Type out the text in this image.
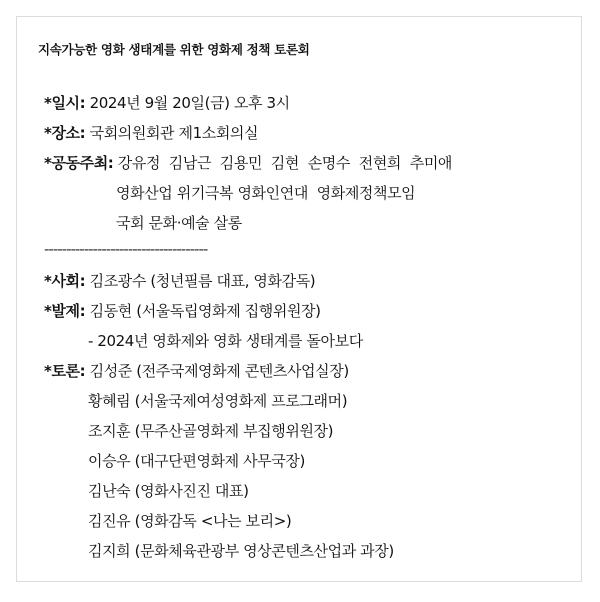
지속가능한 영화 생태계를 위한 영화제 정책 토론회
*일시: 2024년 9월 20일(금) 오후 3시
*장소: 국회의원회관 제1소회의실
*공동주최: 강유정  김남근  김용민  김현  손명수  전현희  추미애
영화산업 위기극복 영화인연대  영화제정책모임
국회 문화·예술 살롱
-------------------------------------
*사회: 김조광수 (청년필름 대표, 영화감독)
*발제: 김동현 (서울독립영화제 집행위원장)
- 2024년 영화제와 영화 생태계를 돌아보다
*토론: 김성준 (전주국제영화제 콘텐츠사업실장)
황혜림 (서울국제여성영화제 프로그래머)
조지훈 (무주산골영화제 부집행위원장)
이승우 (대구단편영화제 사무국장)
김난숙 (영화사진진 대표)
김진유 (영화감독 <나는 보리>)
김지희 (문화체육관광부 영상콘텐츠산업과 과장)
